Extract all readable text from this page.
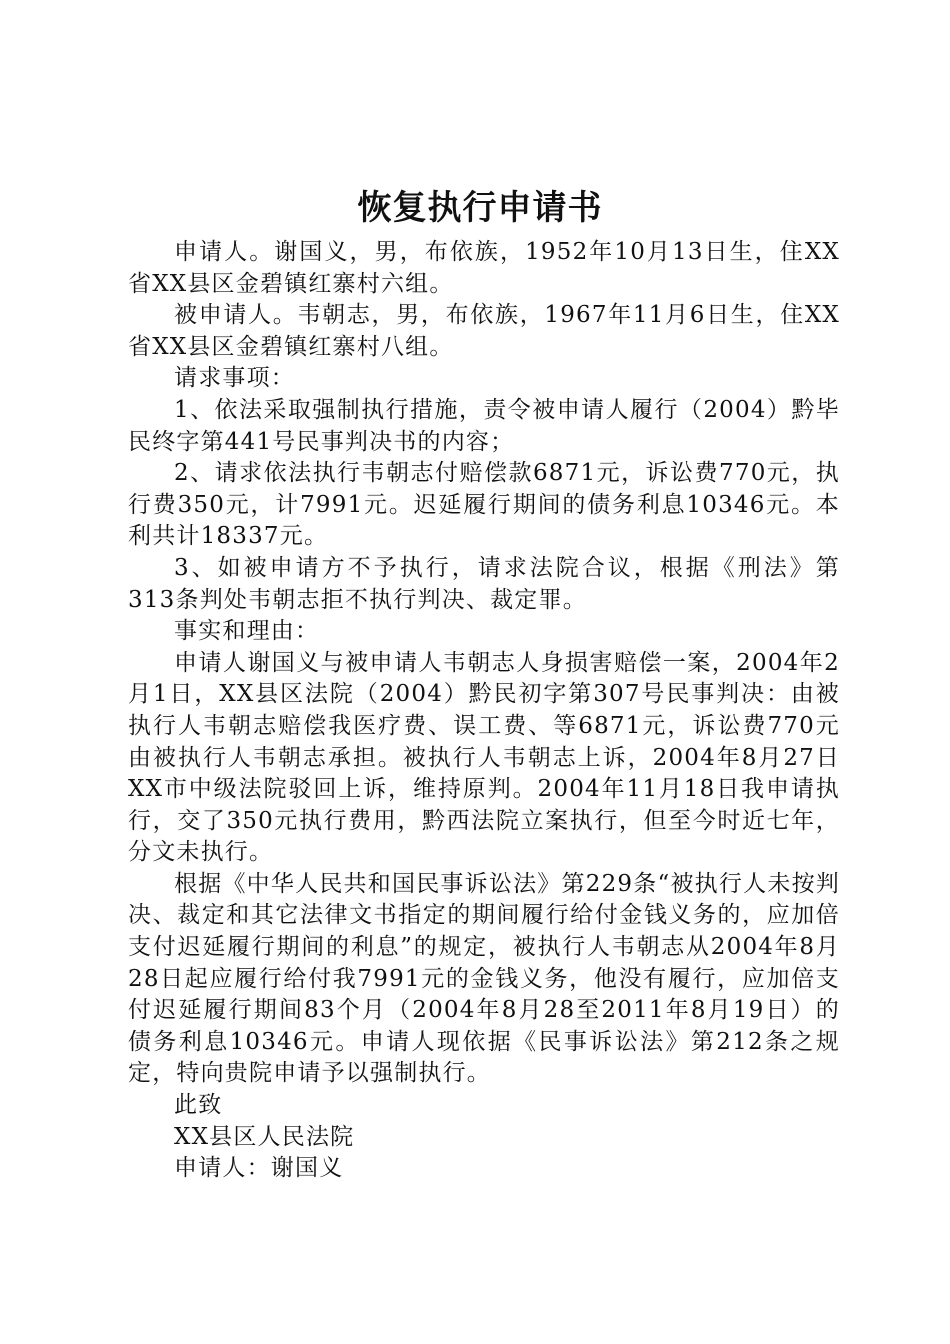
恢复执行申请书

申请人。谢国义，男，布依族，1952年10月13日生，住XX省XX县区金碧镇红寨村六组。

被申请人。韦朝志，男，布依族，1967年11月6日生，住XX省XX县区金碧镇红寨村八组。

请求事项：

1、依法采取强制执行措施，责令被申请人履行（2004）黔毕民终字第441号民事判决书的内容；

2、请求依法执行韦朝志付赔偿款6871元，诉讼费770元，执行费350元，计7991元。迟延履行期间的债务利息10346元。本利共计18337元。

3、如被申请方不予执行，请求法院合议，根据《刑法》第313条判处韦朝志拒不执行判决、裁定罪。

事实和理由：

申请人谢国义与被申请人韦朝志人身损害赔偿一案，2004年2月1日，XX县区法院（2004）黔民初字第307号民事判决：由被执行人韦朝志赔偿我医疗费、误工费、等6871元，诉讼费770元由被执行人韦朝志承担。被执行人韦朝志上诉，2004年8月27日XX市中级法院驳回上诉，维持原判。2004年11月18日我申请执行，交了350元执行费用，黔西法院立案执行，但至今时近七年，分文未执行。

根据《中华人民共和国民事诉讼法》第229条“被执行人未按判决、裁定和其它法律文书指定的期间履行给付金钱义务的，应加倍支付迟延履行期间的利息”的规定，被执行人韦朝志从2004年8月28日起应履行给付我7991元的金钱义务，他没有履行，应加倍支付迟延履行期间83个月（2004年8月28至2011年8月19日）的债务利息10346元。申请人现依据《民事诉讼法》第212条之规定，特向贵院申请予以强制执行。

此致

XX县区人民法院

申请人：谢国义
